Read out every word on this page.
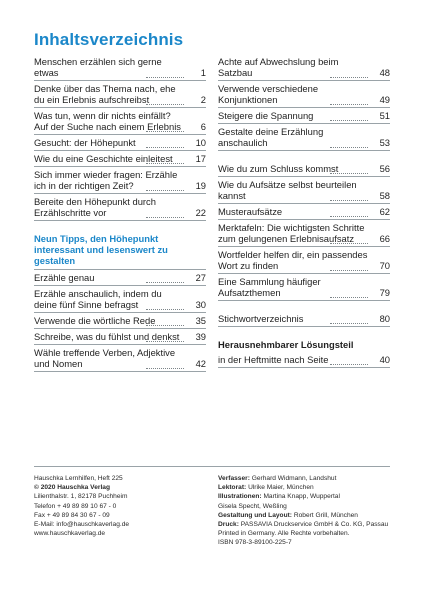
Inhaltsverzeichnis
Menschen erzählen sich gerne etwas	1
Denke über das Thema nach, ehe du ein Erlebnis aufschreibst	2
Was tun, wenn dir nichts einfällt? Auf der Suche nach einem Erlebnis	6
Gesucht: der Höhepunkt	10
Wie du eine Geschichte einleitest	17
Sich immer wieder fragen: Erzähle ich in der richtigen Zeit?	19
Bereite den Höhepunkt durch Erzählschritte vor	22
Neun Tipps, den Höhepunkt interessant und lesenswert zu gestalten
Erzähle genau	27
Erzähle anschaulich, indem du deine fünf Sinne befragst	30
Verwende die wörtliche Rede	35
Schreibe, was du fühlst und denkst	39
Wähle treffende Verben, Adjektive und Nomen	42
Achte auf Abwechslung beim Satzbau	48
Verwende verschiedene Konjunktionen	49
Steigere die Spannung	51
Gestalte deine Erzählung anschaulich	53
Wie du zum Schluss kommst	56
Wie du Aufsätze selbst beurteilen kannst	58
Musteraufsätze	62
Merktafeln: Die wichtigsten Schritte zum gelungenen Erlebnisaufsatz	66
Wortfelder helfen dir, ein passendes Wort zu finden	70
Eine Sammlung häufiger Aufsatzthemen	79
Stichwortverzeichnis	80
Herausnehmbarer Lösungsteil
in der Heftmitte nach Seite	40
Hauschka Lernhilfen, Heft 225
© 2020 Hauschka Verlag
Lilienthalstr. 1, 82178 Puchheim
Telefon + 49 89 89 10 67 - 0
Fax + 49 89 84 30 67 - 09
E-Mail: info@hauschkaverlag.de
www.hauschkaverlag.de
Verfasser: Gerhard Widmann, Landshut
Lektorat: Ulrike Maier, München
Illustrationen: Martina Knapp, Wuppertal
Gisela Specht, Weßling
Gestaltung und Layout: Robert Grill, München
Druck: PASSAVIA Druckservice GmbH & Co. KG, Passau
Printed in Germany. Alle Rechte vorbehalten.
ISBN 978-3-89100-225-7
